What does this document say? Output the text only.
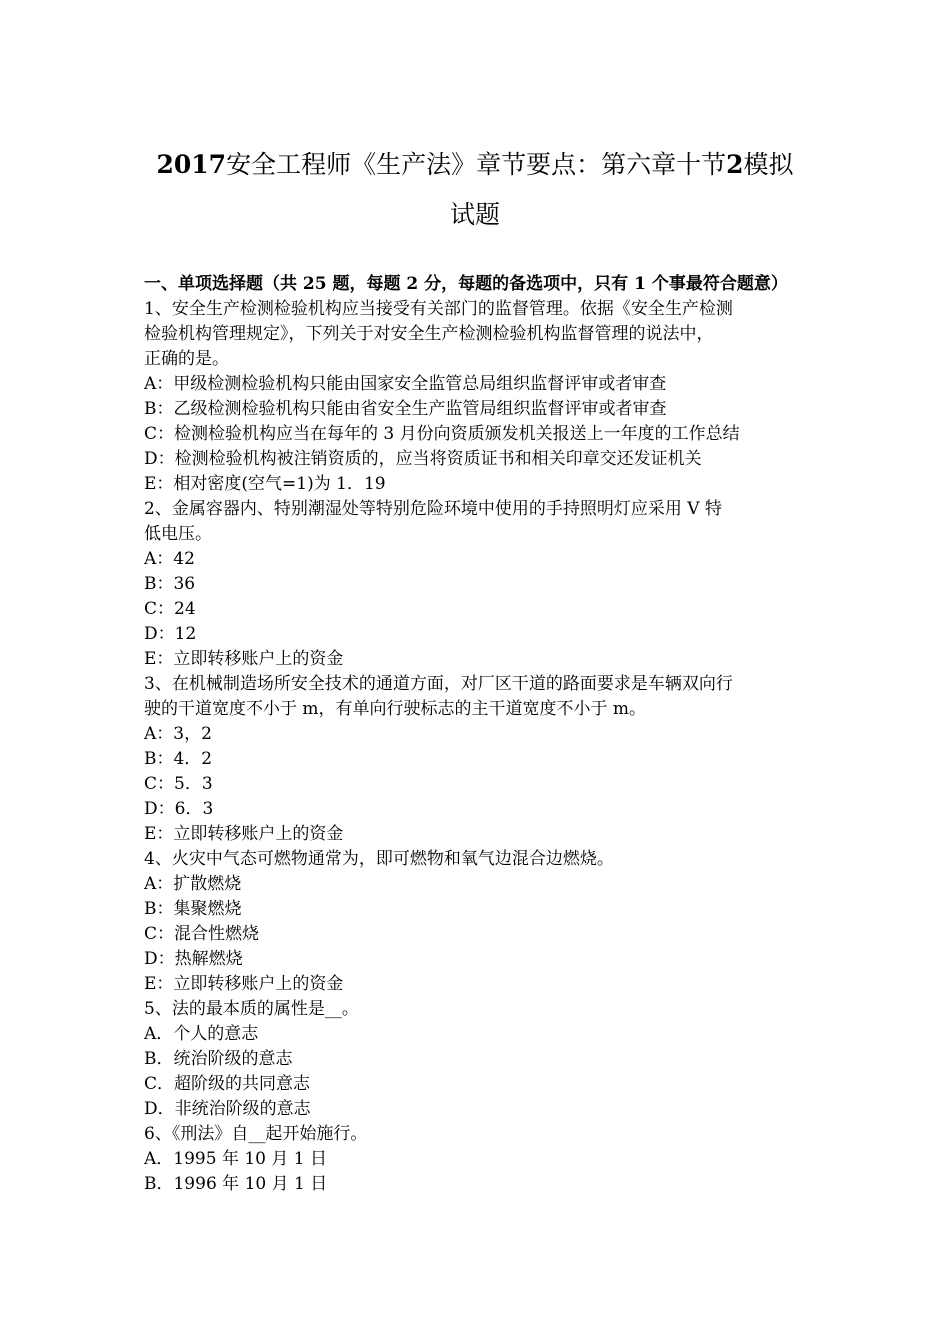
2017安全工程师《生产法》章节要点：第六章十节2模拟
试题

一、单项选择题（共 25 题，每题 2 分，每题的备选项中，只有 1 个事最符合题意）

1、安全生产检测检验机构应当接受有关部门的监督管理。依据《安全生产检测

检验机构管理规定》，下列关于对安全生产检测检验机构监督管理的说法中，

正确的是。

A：甲级检测检验机构只能由国家安全监管总局组织监督评审或者审查

B：乙级检测检验机构只能由省安全生产监管局组织监督评审或者审查

C：检测检验机构应当在每年的 3 月份向资质颁发机关报送上一年度的工作总结

D：检测检验机构被注销资质的，应当将资质证书和相关印章交还发证机关

E：相对密度(空气=1)为 1．19

2、金属容器内、特别潮湿处等特别危险环境中使用的手持照明灯应采用 V 特

低电压。

A：42

B：36

C：24

D：12

E：立即转移账户上的资金

3、在机械制造场所安全技术的通道方面，对厂区干道的路面要求是车辆双向行

驶的干道宽度不小于 m，有单向行驶标志的主干道宽度不小于 m。

A：3，2

B：4．2

C：5．3

D：6．3

E：立即转移账户上的资金

4、火灾中气态可燃物通常为，即可燃物和氧气边混合边燃烧。

A：扩散燃烧

B：集聚燃烧

C：混合性燃烧

D：热解燃烧

E：立即转移账户上的资金

5、法的最本质的属性是__。

A．个人的意志

B．统治阶级的意志

C．超阶级的共同意志

D．非统治阶级的意志

6、《刑法》自__起开始施行。

A．1995 年 10 月 1 日

B．1996 年 10 月 1 日
